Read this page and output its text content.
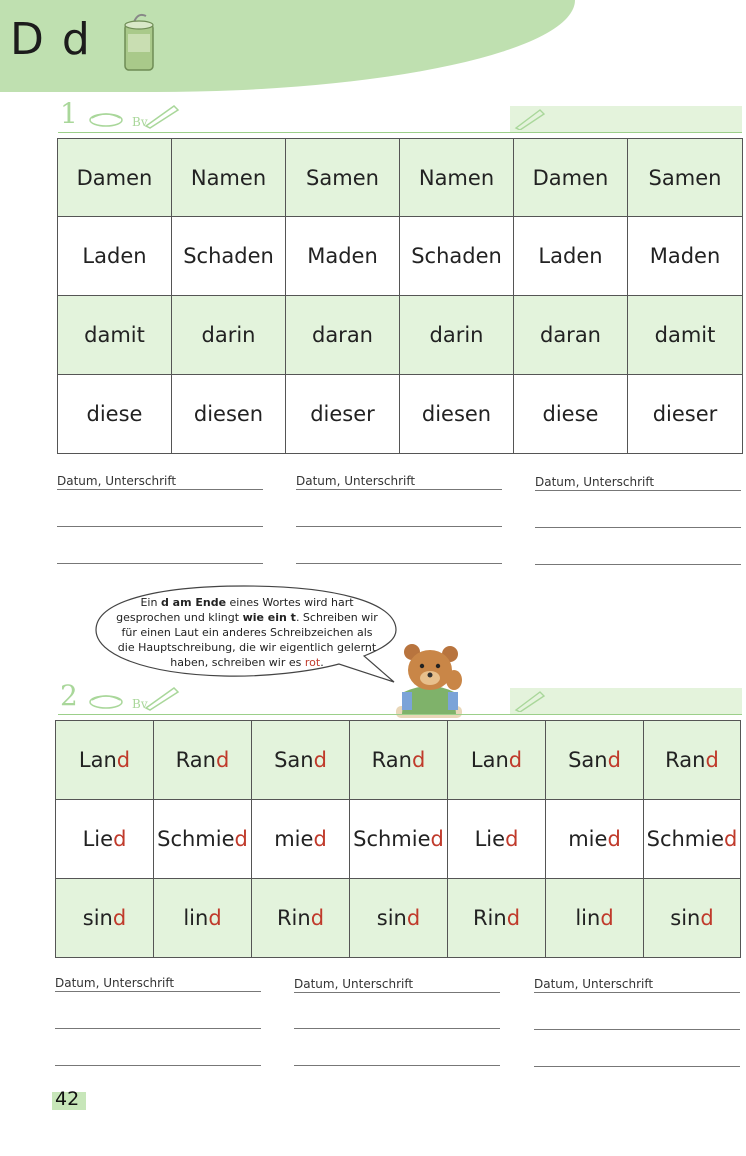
D d
1	Bv
Damen	Namen	Samen	Namen	Damen	Samen
Laden	Schaden	Maden	Schaden	Laden	Maden
damit	darin	daran	darin	daran	damit
diese	diesen	dieser	diesen	diese	dieser
Datum, Unterschrift	Datum, Unterschrift	Datum, Unterschrift
Ein d am Ende eines Wortes wird hart gesprochen und klingt wie ein t. Schreiben wir für einen Laut ein anderes Schreibzeichen als die Hauptschreibung, die wir eigentlich gelernt haben, schreiben wir es rot.
2	Bv
Land	Rand	Sand	Rand	Land	Sand	Rand
Lied	Schmied	mied	Schmied	Lied	mied	Schmied
sind	lind	Rind	sind	Rind	lind	sind
Datum, Unterschrift	Datum, Unterschrift	Datum, Unterschrift
42
